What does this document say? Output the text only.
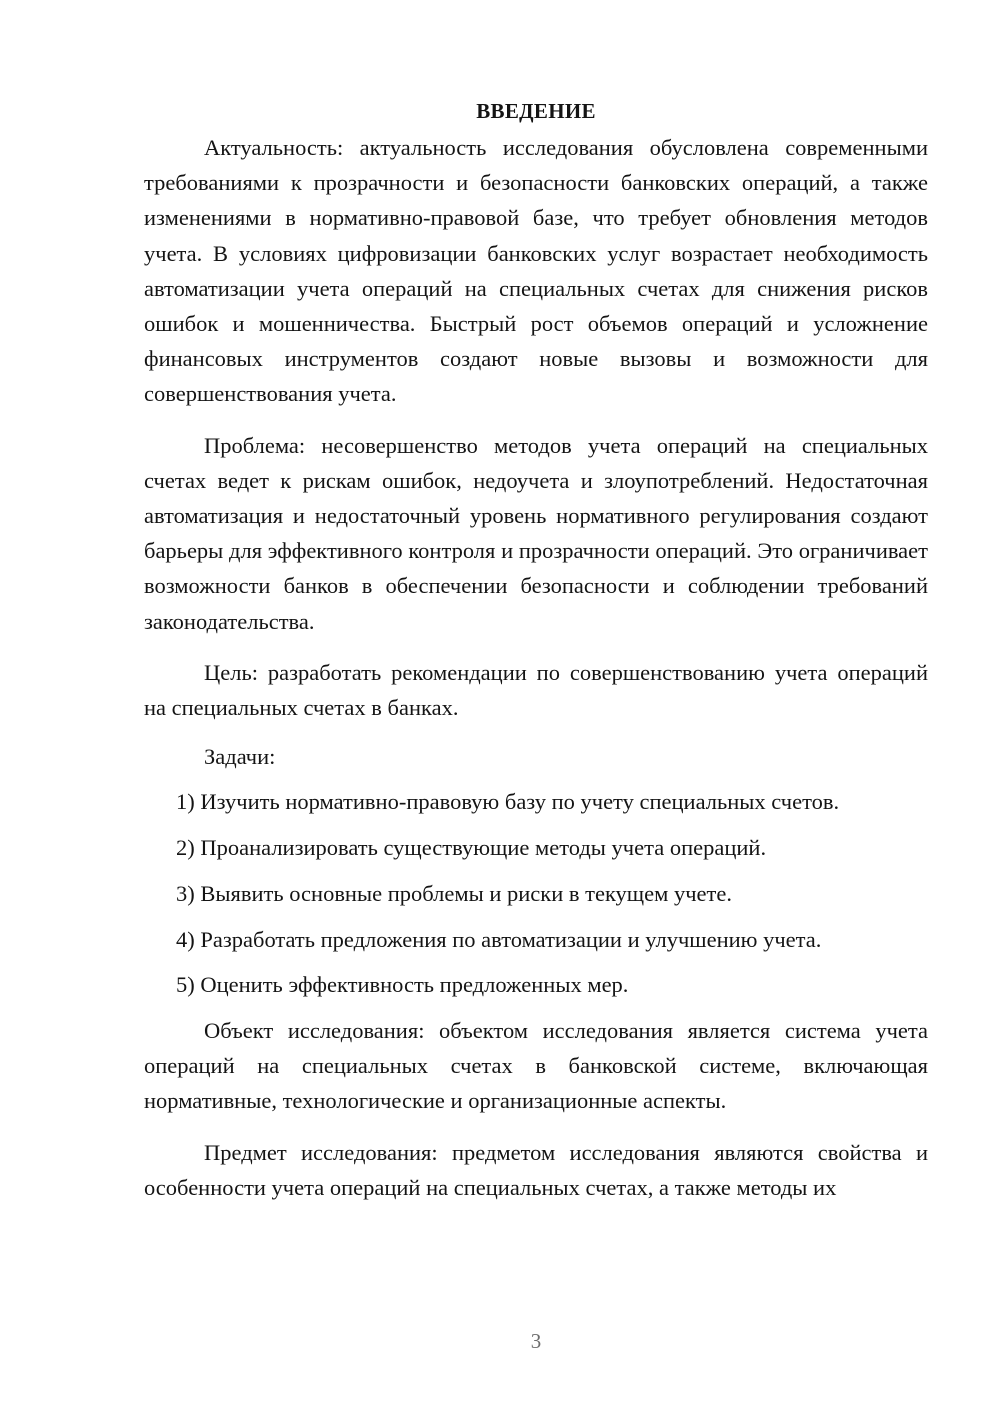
ВВЕДЕНИЕ

Актуальность: актуальность исследования обусловлена современными требованиями к прозрачности и безопасности банковских операций, а также изменениями в нормативно-правовой базе, что требует обновления методов учета. В условиях цифровизации банковских услуг возрастает необходимость автоматизации учета операций на специальных счетах для снижения рисков ошибок и мошенничества. Быстрый рост объемов операций и усложнение финансовых инструментов создают новые вызовы и возможности для совершенствования учета.

Проблема: несовершенство методов учета операций на специальных счетах ведет к рискам ошибок, недоучета и злоупотреблений. Недостаточная автоматизация и недостаточный уровень нормативного регулирования создают барьеры для эффективного контроля и прозрачности операций. Это ограничивает возможности банков в обеспечении безопасности и соблюдении требований законодательства.

Цель: разработать рекомендации по совершенствованию учета операций на специальных счетах в банках.

Задачи:

1) Изучить нормативно-правовую базу по учету специальных счетов.

2) Проанализировать существующие методы учета операций.

3) Выявить основные проблемы и риски в текущем учете.

4) Разработать предложения по автоматизации и улучшению учета.

5) Оценить эффективность предложенных мер.

Объект исследования: объектом исследования является система учета операций на специальных счетах в банковской системе, включающая нормативные, технологические и организационные аспекты.

Предмет исследования: предметом исследования являются свойства и особенности учета операций на специальных счетах, а также методы их

3
